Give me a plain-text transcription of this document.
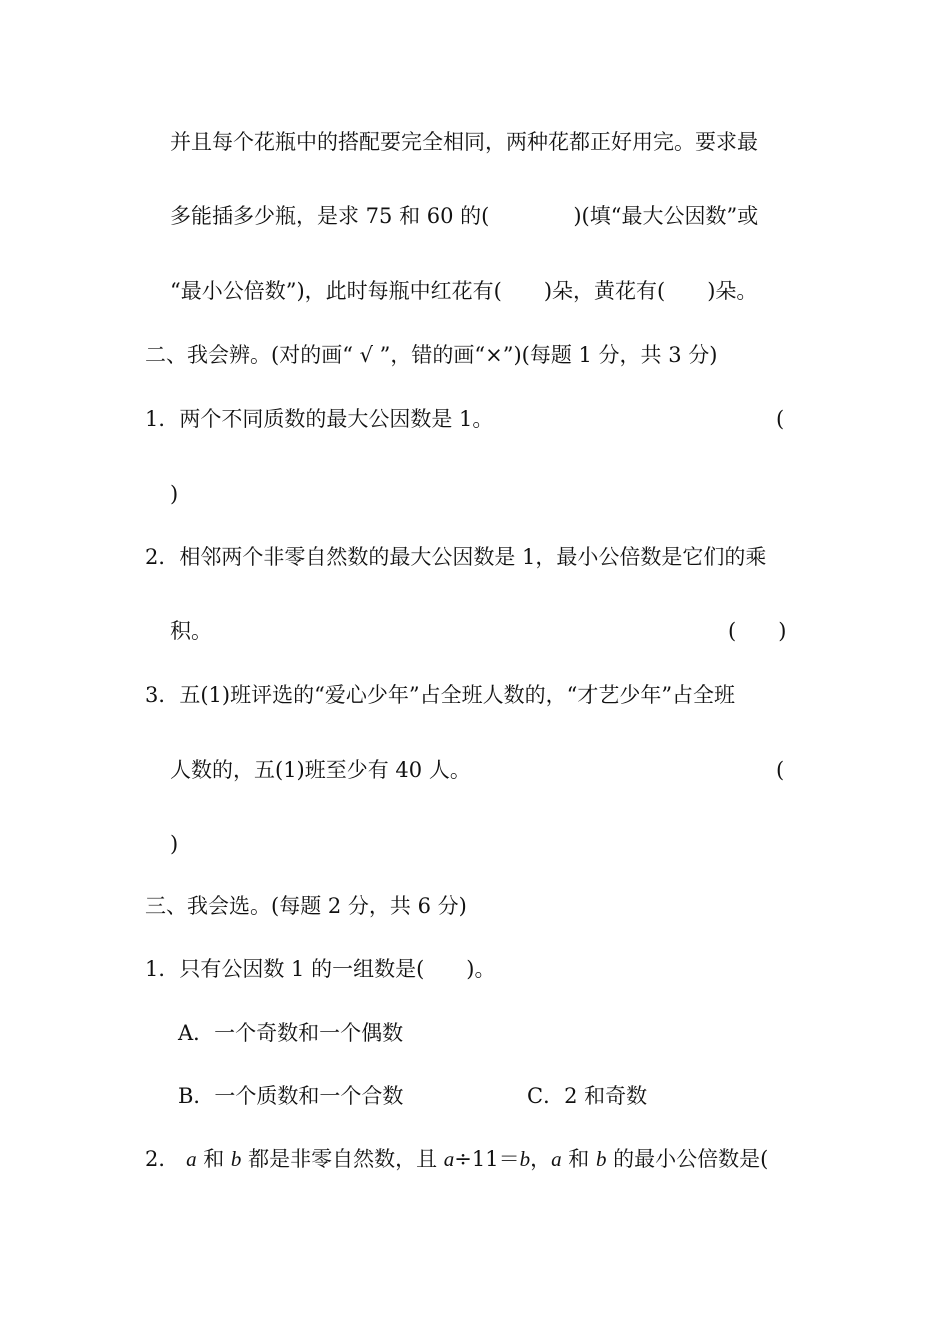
并且每个花瓶中的搭配要完全相同，两种花都正好用完。要求最
多能插多少瓶，是求 75 和 60 的(　　　　)(填“最大公因数”或
“最小公倍数”)，此时每瓶中红花有(　　)朵，黄花有(　　)朵。
二、我会辨。(对的画“ √ ”，错的画“×”)(每题 1 分，共 3 分)
1．两个不同质数的最大公因数是 1。	(
)
2．相邻两个非零自然数的最大公因数是 1，最小公倍数是它们的乘
积。	(　　)
3．五(1)班评选的“爱心少年”占全班人数的，“才艺少年”占全班
人数的，五(1)班至少有 40 人。	(
)
三、我会选。(每题 2 分，共 6 分)
1．只有公因数 1 的一组数是(　　)。
A．一个奇数和一个偶数
B．一个质数和一个合数	C．2 和奇数
2． a 和 b 都是非零自然数，且 a÷11＝b，a 和 b 的最小公倍数是(
